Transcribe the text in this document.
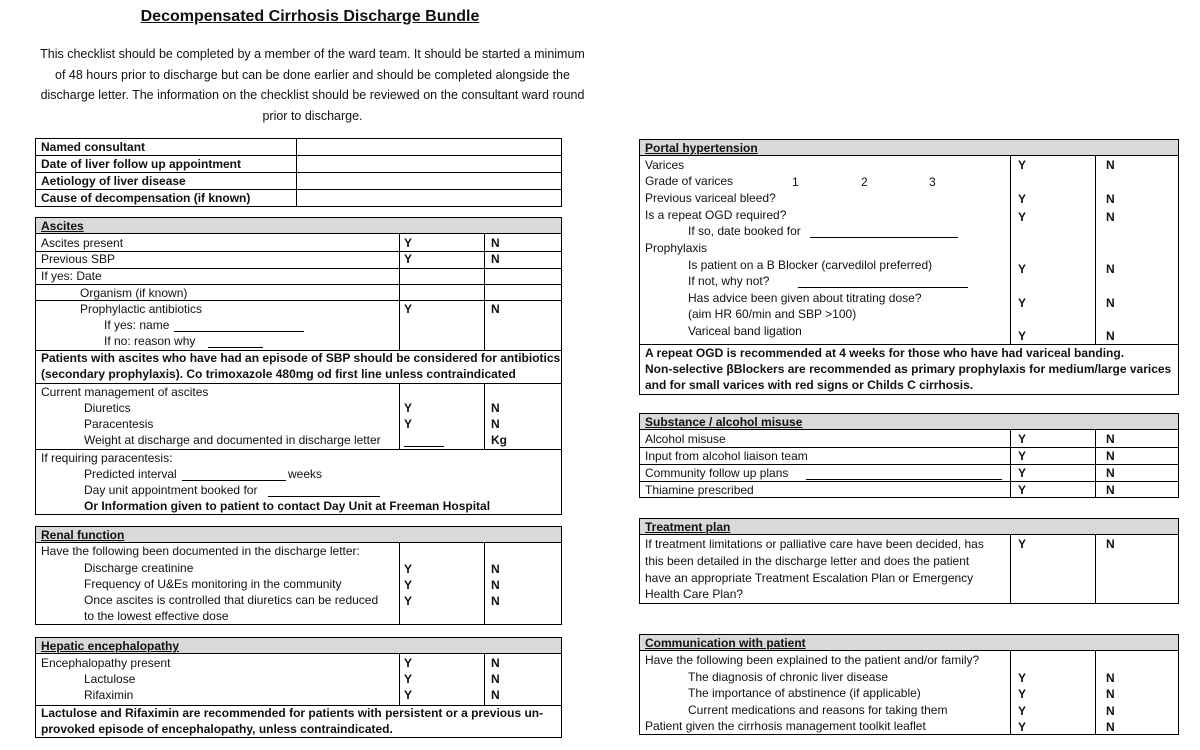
Decompensated Cirrhosis Discharge Bundle
This checklist should be completed by a member of the ward team. It should be started a minimum of 48 hours prior to discharge but can be done earlier and should be completed alongside the discharge letter. The information on the checklist should be reviewed on the consultant ward round prior to discharge.
Named consultant
Date of liver follow up appointment
Aetiology of liver disease
Cause of decompensation (if known)
Ascites
Ascites present	Y	N
Previous SBP	Y	N
If yes: Date
Organism (if known)
Prophylactic antibiotics	Y	N
If yes: name
If no: reason why
Patients with ascites who have had an episode of SBP should be considered for antibiotics
(secondary prophylaxis). Co trimoxazole 480mg od first line unless contraindicated
Current management of ascites
Diuretics	Y	N
Paracentesis	Y	N
Weight at discharge and documented in discharge letter	Kg
If requiring paracentesis:
Predicted interval	weeks
Day unit appointment booked for
Or Information given to patient to contact Day Unit at Freeman Hospital
Renal function
Have the following been documented in the discharge letter:
Discharge creatinine	Y	N
Frequency of U&Es monitoring in the community	Y	N
Once ascites is controlled that diuretics can be reduced Y	N
to the lowest effective dose
Hepatic encephalopathy
Encephalopathy present	Y	N
Lactulose	Y	N
Rifaximin	Y	N
Lactulose and Rifaximin are recommended for patients with persistent or a previous un-
provoked episode of encephalopathy, unless contraindicated.
Portal hypertension
Varices	Y	N
Grade of varices	1	2	3
Previous variceal bleed?	Y	N
Is a repeat OGD required?	Y	N
If so, date booked for
Prophylaxis
Is patient on a B Blocker (carvedilol preferred)	Y	N
If not, why not?
Has advice been given about titrating dose?	Y	N
(aim HR 60/min and SBP >100)
Variceal band ligation	Y	N
A repeat OGD is recommended at 4 weeks for those who have had variceal banding.
Non-selective βBlockers are recommended as primary prophylaxis for medium/large varices
and for small varices with red signs or Childs C cirrhosis.
Substance / alcohol misuse
Alcohol misuse	Y	N
Input from alcohol liaison team	Y	N
Community follow up plans	Y	N
Thiamine prescribed	Y	N
Treatment plan
If treatment limitations or palliative care have been decided, has
this been detailed in the discharge letter and does the patient
have an appropriate Treatment Escalation Plan or Emergency
Health Care Plan?
Y	N
Communication with patient
Have the following been explained to the patient and/or family?
The diagnosis of chronic liver disease	Y	N
The importance of abstinence (if applicable)	Y	N
Current medications and reasons for taking them	Y	N
Patient given the cirrhosis management toolkit leaflet	Y	N
